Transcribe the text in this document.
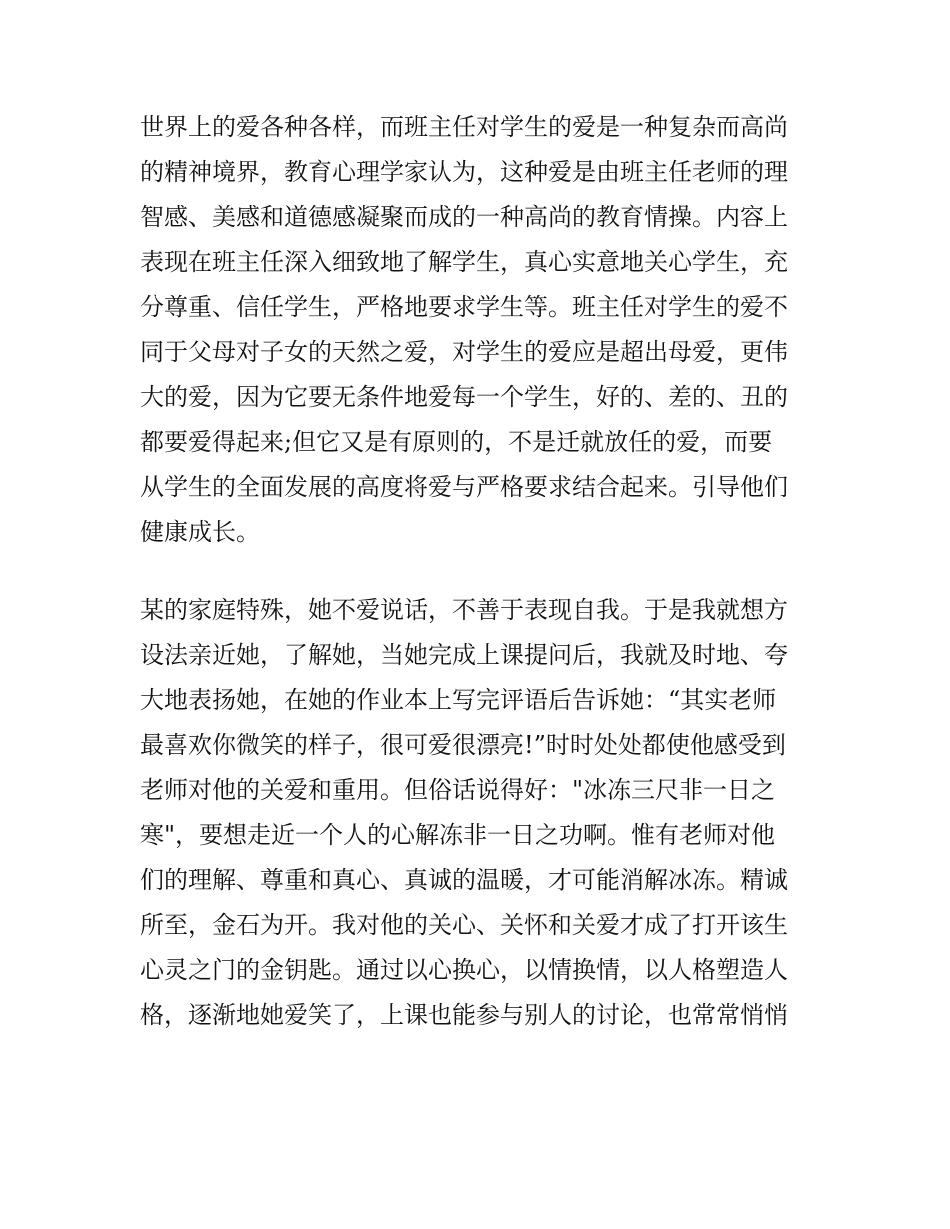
世界上的爱各种各样，而班主任对学生的爱是一种复杂而高尚
的精神境界，教育心理学家认为，这种爱是由班主任老师的理
智感、美感和道德感凝聚而成的一种高尚的教育情操。内容上
表现在班主任深入细致地了解学生，真心实意地关心学生，充
分尊重、信任学生，严格地要求学生等。班主任对学生的爱不
同于父母对子女的天然之爱，对学生的爱应是超出母爱，更伟
大的爱，因为它要无条件地爱每一个学生，好的、差的、丑的
都要爱得起来;但它又是有原则的，不是迁就放任的爱，而要
从学生的全面发展的高度将爱与严格要求结合起来。引导他们
健康成长。
某的家庭特殊，她不爱说话，不善于表现自我。于是我就想方
设法亲近她，了解她，当她完成上课提问后，我就及时地、夸
大地表扬她，在她的作业本上写完评语后告诉她：“其实老师
最喜欢你微笑的样子，很可爱很漂亮!”时时处处都使他感受到
老师对他的关爱和重用。但俗话说得好："冰冻三尺非一日之
寒"，要想走近一个人的心解冻非一日之功啊。惟有老师对他
们的理解、尊重和真心、真诚的温暖，才可能消解冰冻。精诚
所至，金石为开。我对他的关心、关怀和关爱才成了打开该生
心灵之门的金钥匙。通过以心换心，以情换情，以人格塑造人
格，逐渐地她爱笑了，上课也能参与别人的讨论，也常常悄悄
